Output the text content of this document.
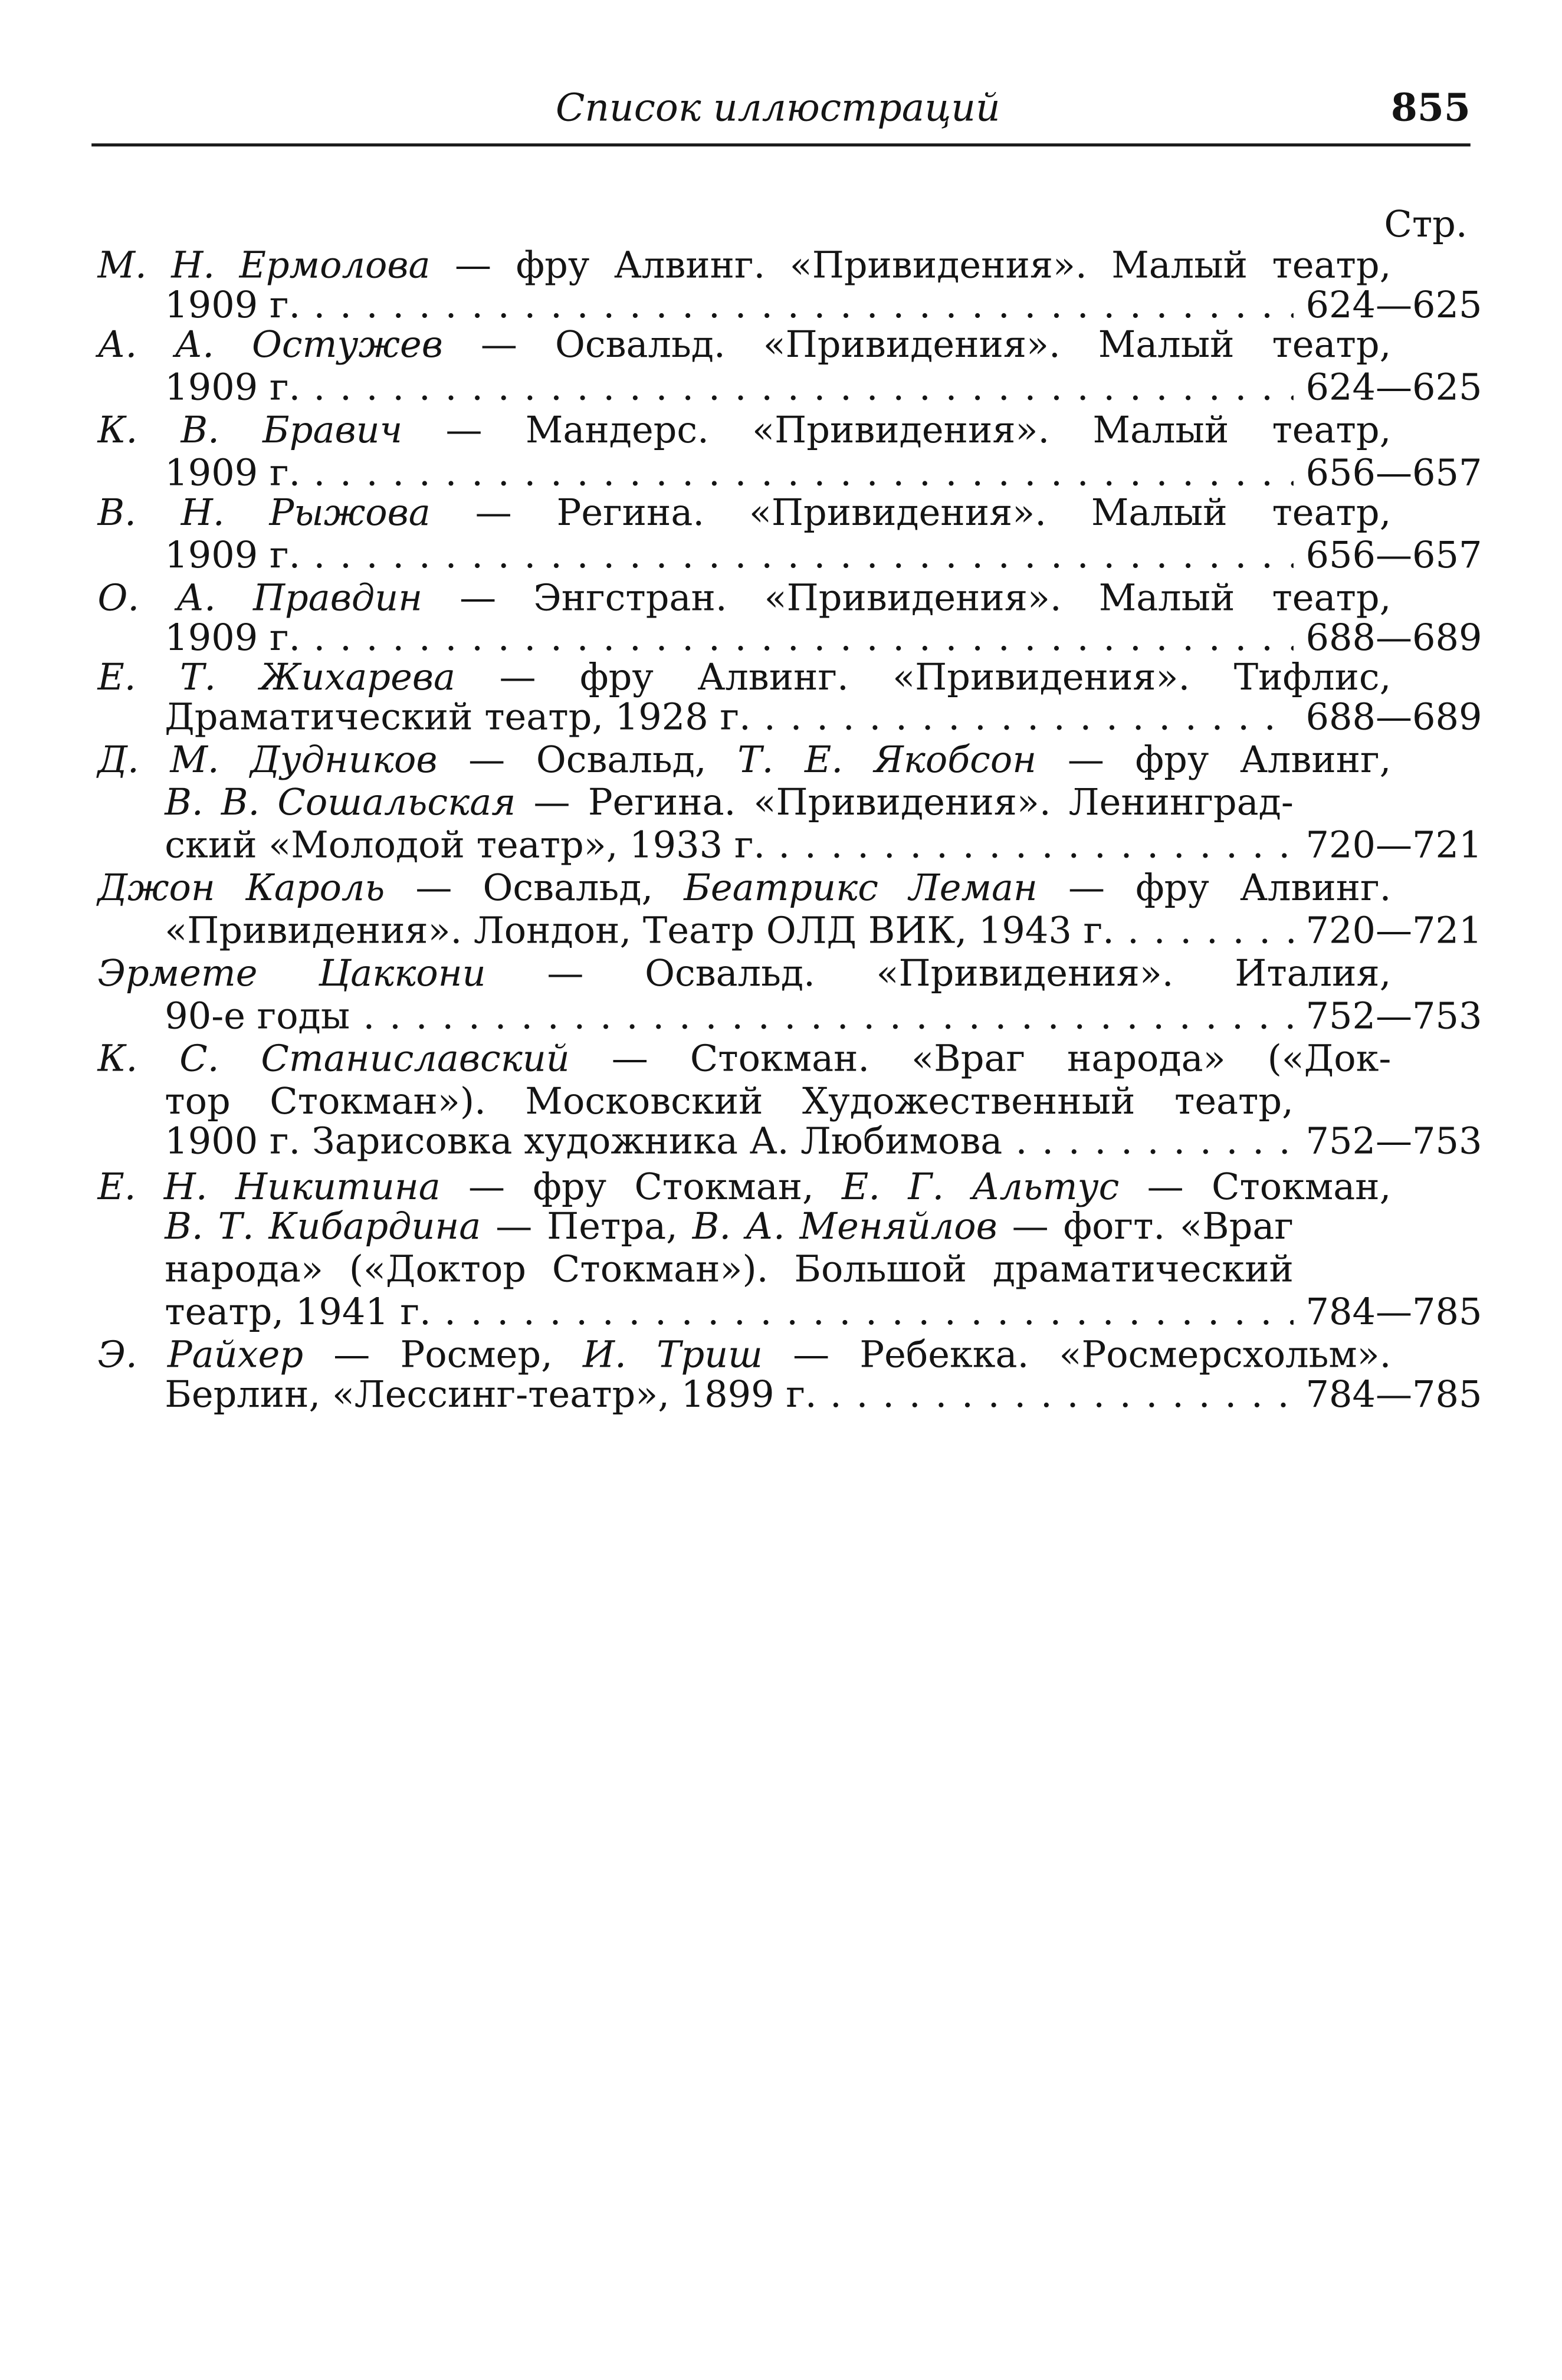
Список иллюстраций	855
Стр.
М. Н. Ермолова — фру Алвинг. «Привидения». Малый театр,
1909 г. . . .	624—625
А. А. Остужев — Освальд. «Привидения». Малый театр,
1909 г. . . .	624—625
К. В. Бравич — Мандерс. «Привидения». Малый театр,
1909 г. . . .	656—657
В. Н. Рыжова — Регина. «Привидения». Малый театр,
1909 г. . . .	656—657
О. А. Правдин — Энгстран. «Привидения». Малый театр,
1909 г. . . .	688—689
Е. Т. Жихарева — фру Алвинг. «Привидения». Тифлис,
Драматический театр, 1928 г. . . .	688—689
Д. М. Дудников — Освальд, Т. Е. Якобсон — фру Алвинг,
В. В. Сошальская — Регина. «Привидения». Ленинград-
ский «Молодой театр», 1933 г. . . .	720—721
Джон Кароль — Освальд, Беатрикс Леман — фру Алвинг.
«Привидения». Лондон, Театр ОЛД ВИК, 1943 г. . . .	720—721
Эрмете Цаккони — Освальд. «Привидения». Италия,
90-е годы . . .	752—753
К. С. Станиславский — Стокман. «Враг народа» («Док-
тор Стокман»). Московский Художественный театр,
1900 г. Зарисовка художника А. Любимова . . .	752—753
Е. Н. Никитина — фру Стокман, Е. Г. Альтус — Стокман,
В. Т. Кибардина — Петра, В. А. Меняйлов — фогт. «Враг
народа» («Доктор Стокман»). Большой драматический
театр, 1941 г. . . .	784—785
Э. Райхер — Росмер, И. Триш — Ребекка. «Росмерсхольм».
Берлин, «Лессинг-театр», 1899 г. . . .	784—785
